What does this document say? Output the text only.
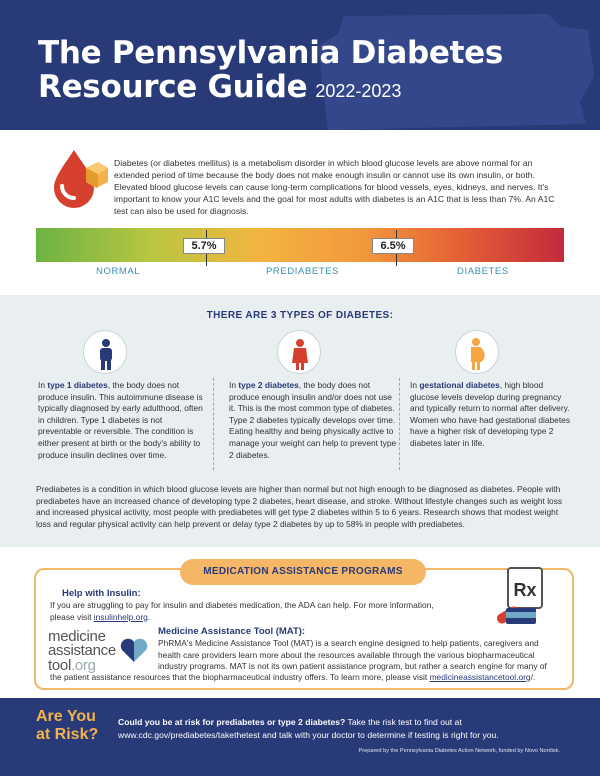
The Pennsylvania Diabetes
Resource Guide 2022-2023
Diabetes (or diabetes mellitus) is a metabolism disorder in which blood glucose levels are above normal for an extended period of time because the body does not make enough insulin or cannot use its own insulin, or both. Elevated blood glucose levels can cause long-term complications for blood vessels, eyes, kidneys, and nerves. It's important to know your A1C levels and the goal for most adults with diabetes is an A1C that is less than 7%. An A1C test can also be used for diagnosis.
5.7%	6.5%
NORMAL	PREDIABETES	DIABETES
THERE ARE 3 TYPES OF DIABETES:
In type 1 diabetes, the body does not produce insulin. This autoimmune disease is typically diagnosed by early adulthood, often in children. Type 1 diabetes is not preventable or reversible. The condition is either present at birth or the body's ability to produce insulin declines over time.
In type 2 diabetes, the body does not produce enough insulin and/or does not use it. This is the most common type of diabetes. Type 2 diabetes typically develops over time. Eating healthy and being physically active to manage your weight can help to prevent type 2 diabetes.
In gestational diabetes, high blood glucose levels develop during pregnancy and typically return to normal after delivery. Women who have had gestational diabetes have a higher risk of developing type 2 diabetes later in life.
Prediabetes is a condition in which blood glucose levels are higher than normal but not high enough to be diagnosed as diabetes. People with prediabetes have an increased chance of developing type 2 diabetes, heart disease, and stroke. Without lifestyle changes such as weight loss and increased physical activity, most people with prediabetes will get type 2 diabetes within 5 to 6 years. Research shows that modest weight loss and regular physical activity can help prevent or delay type 2 diabetes by up to 58% in people with prediabetes.
MEDICATION ASSISTANCE PROGRAMS
Help with Insulin:
If you are struggling to pay for insulin and diabetes medication, the ADA can help. For more information, please visit insulinhelp.org.
Rx
medicine
assistance
tool.org
Medicine Assistance Tool (MAT):
PhRMA's Medicine Assistance Tool (MAT) is a search engine designed to help patients, caregivers and health care providers learn more about the resources available through the various biopharmaceutical industry programs. MAT is not its own patient assistance program, but rather a search engine for many of
the patient assistance resources that the biopharmaceutical industry offers. To learn more, please visit medicineassistancetool.org/.
Are You
at Risk?
Could you be at risk for prediabetes or type 2 diabetes? Take the risk test to find out at www.cdc.gov/prediabetes/takethetest and talk with your doctor to determine if testing is right for you.
Prepared by the Pennsylvania Diabetes Action Network, funded by Novo Nordisk.
